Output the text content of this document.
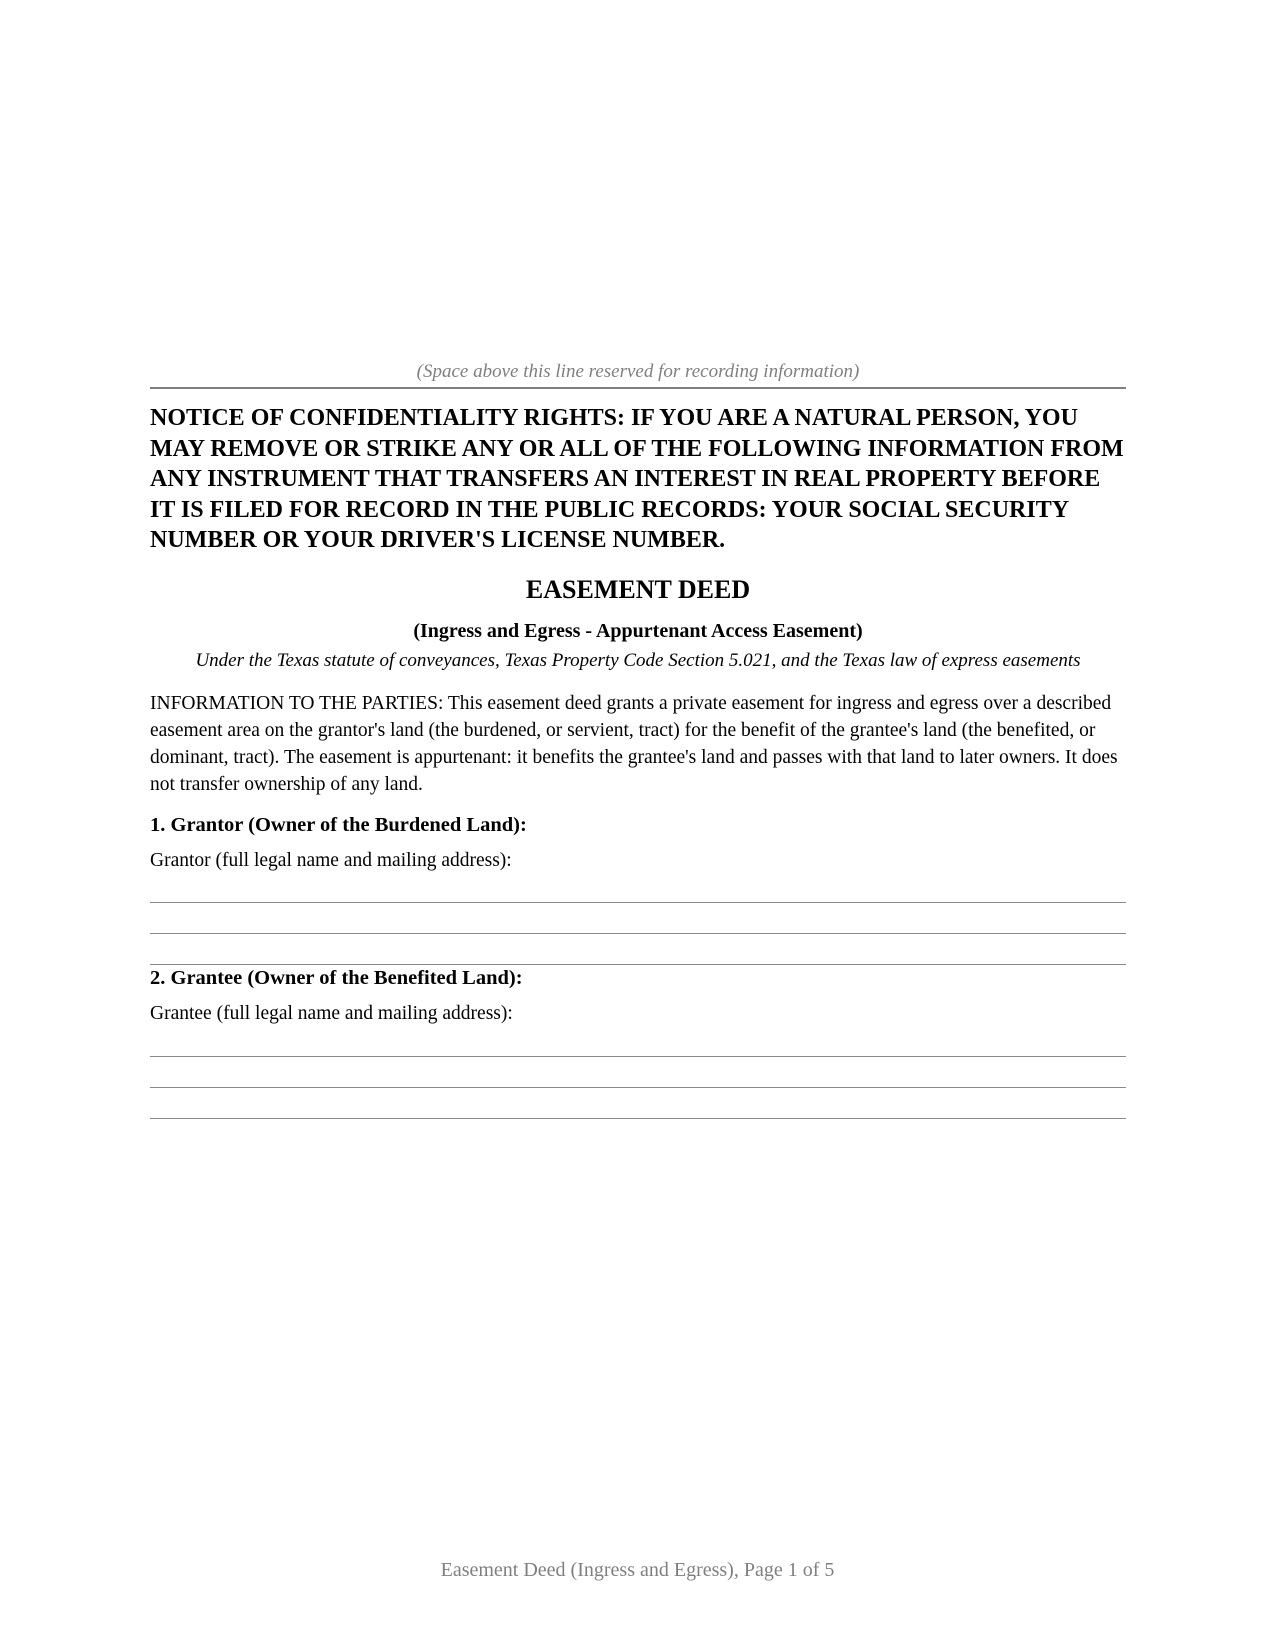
(Space above this line reserved for recording information)
NOTICE OF CONFIDENTIALITY RIGHTS: IF YOU ARE A NATURAL PERSON, YOU MAY REMOVE OR STRIKE ANY OR ALL OF THE FOLLOWING INFORMATION FROM ANY INSTRUMENT THAT TRANSFERS AN INTEREST IN REAL PROPERTY BEFORE IT IS FILED FOR RECORD IN THE PUBLIC RECORDS: YOUR SOCIAL SECURITY NUMBER OR YOUR DRIVER'S LICENSE NUMBER.
EASEMENT DEED
(Ingress and Egress - Appurtenant Access Easement)
Under the Texas statute of conveyances, Texas Property Code Section 5.021, and the Texas law of express easements
INFORMATION TO THE PARTIES: This easement deed grants a private easement for ingress and egress over a described easement area on the grantor's land (the burdened, or servient, tract) for the benefit of the grantee's land (the benefited, or dominant, tract). The easement is appurtenant: it benefits the grantee's land and passes with that land to later owners. It does not transfer ownership of any land.
1. Grantor (Owner of the Burdened Land):
Grantor (full legal name and mailing address):
2. Grantee (Owner of the Benefited Land):
Grantee (full legal name and mailing address):
Easement Deed (Ingress and Egress), Page 1 of 5
